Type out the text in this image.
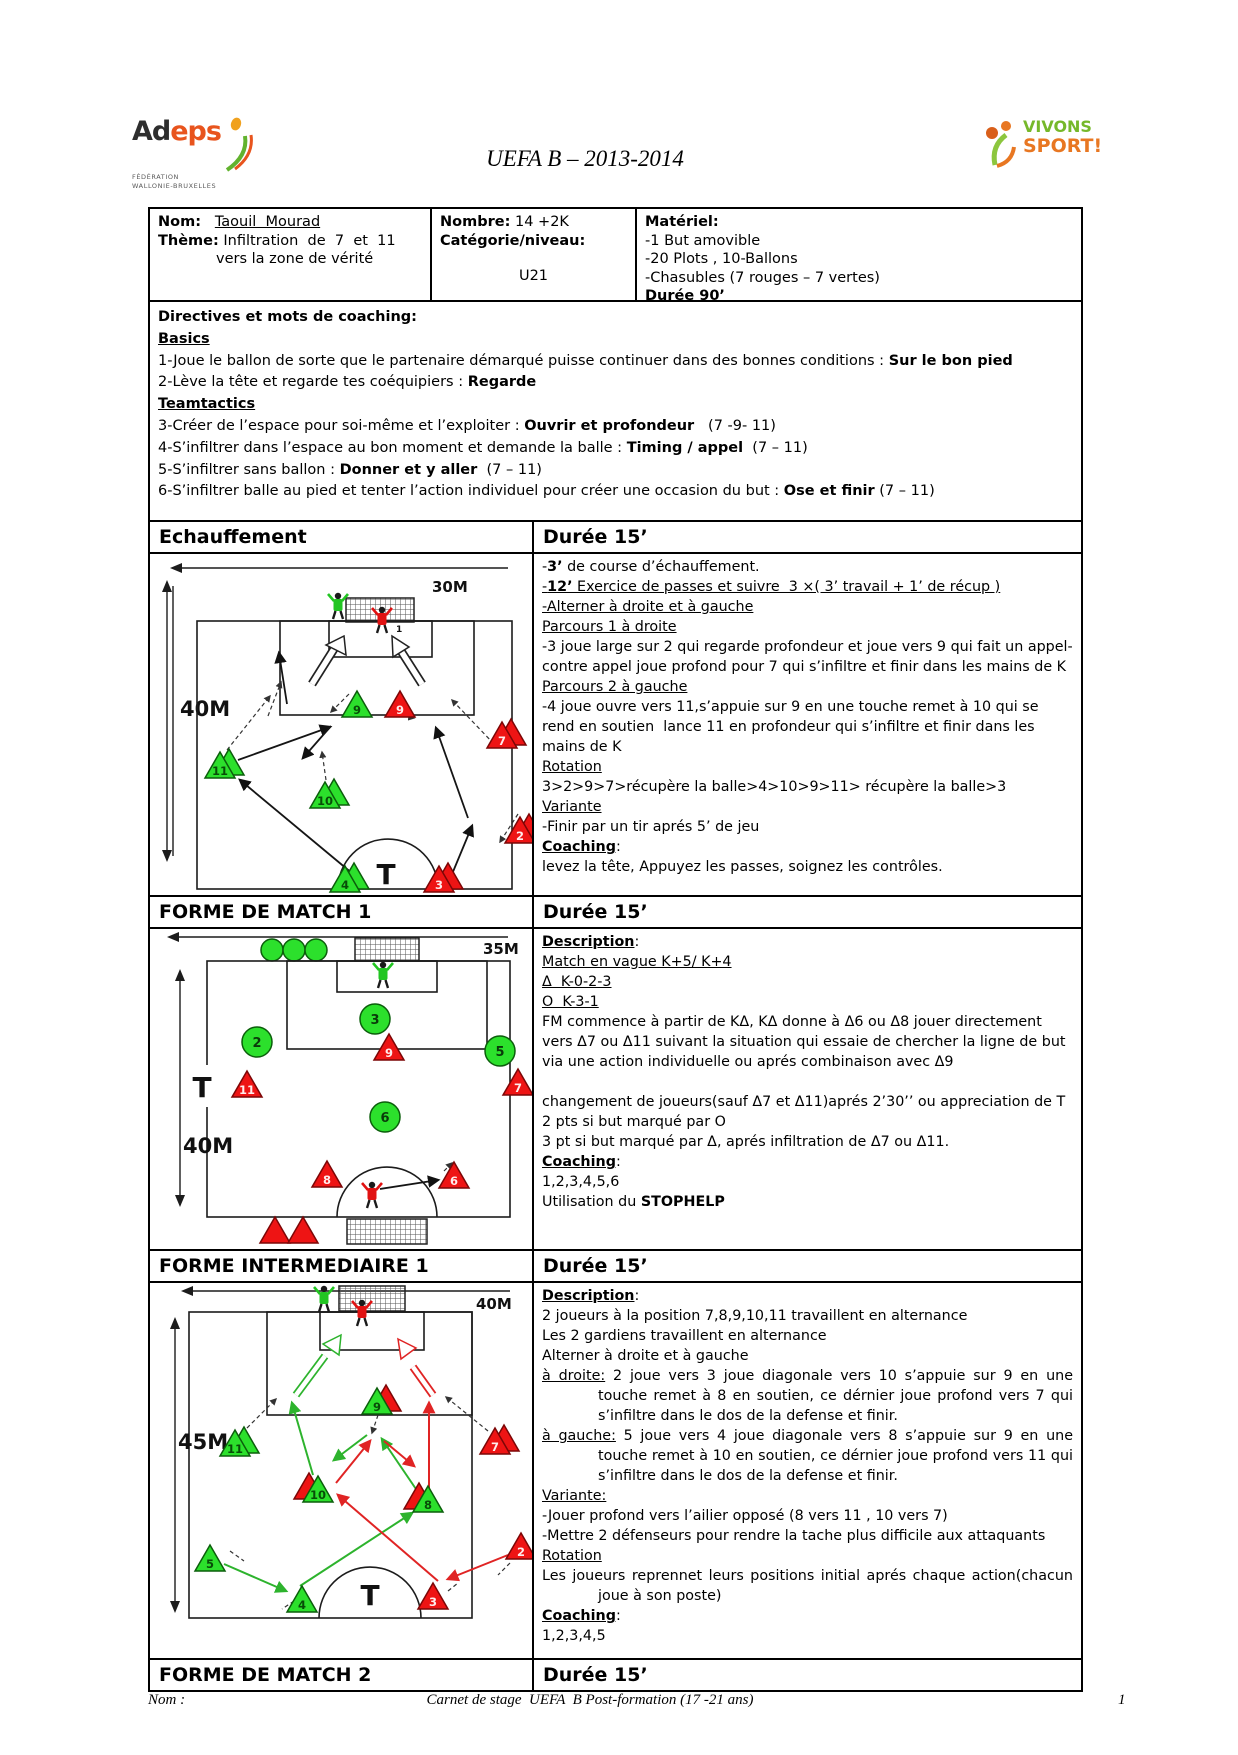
Ad eps
FÉDÉRATION
WALLONIE-BRUXELLES
UEFA B – 2013-2014
VIVONS
SPORT!
Nom: Taouil  Mourad
Thème: Infiltration  de  7  et  11
vers la zone de vérité
Nombre: 14 +2K
Catégorie/niveau:
U21
Matériel:
-1 But amovible
-20 Plots , 10-Ballons
-Chasubles (7 rouges – 7 vertes)
Durée 90’
Directives et mots de coaching:
Basics
1-Joue le ballon de sorte que le partenaire démarqué puisse continuer dans des bonnes conditions : Sur le bon pied
2-Lève la tête et regarde tes coéquipiers : Regarde
Teamtactics
3-Créer de l’espace pour soi-même et l’exploiter : Ouvrir et profondeur   (7 -9- 11)
4-S’infiltrer dans l’espace au bon moment et demande la balle : Timing / appel  (7 – 11)
5-S’infiltrer sans ballon : Donner et y aller  (7 – 11)
6-S’infiltrer balle au pied et tenter l’action individuel pour créer une occasion du but : Ose et finir (7 – 11)
Echauffement	Durée 15’
30M
40M
T
1
9	9
7
11
10
2
4	3
-3’ de course d’échauffement.
-12’ Exercice de passes et suivre  3 ×( 3’ travail + 1’ de récup )
-Alterner à droite et à gauche
Parcours 1 à droite
-3 joue large sur 2 qui regarde profondeur et joue vers 9 qui fait un appel-contre appel joue profond pour 7 qui s’infiltre et finir dans les mains de K
Parcours 2 à gauche
-4 joue ouvre vers 11,s’appuie sur 9 en une touche remet à 10 qui se rend en soutien  lance 11 en profondeur qui s’infiltre et finir dans les mains de K
Rotation
3>2>9>7>récupère la balle>4>10>9>11> récupère la balle>3
Variante
-Finir par un tir aprés 5’ de jeu
Coaching:
levez la tête, Appuyez les passes, soignez les contrôles.
FORME DE MATCH 1	Durée 15’
35M
40M
T
3
2
5
6
9
11	7
8	6
Description:
Match en vague K+5/ K+4
Δ  K-0-2-3
O  K-3-1
FM commence à partir de KΔ, KΔ donne à Δ6 ou Δ8 jouer directement vers Δ7 ou Δ11 suivant la situation qui essaie de chercher la ligne de but via une action individuelle ou aprés combinaison avec Δ9
changement de joueurs(sauf Δ7 et Δ11)aprés 2’30’’ ou appreciation de T
2 pts si but marqué par O
3 pt si but marqué par Δ, aprés infiltration de Δ7 ou Δ11.
Coaching:
1,2,3,4,5,6
Utilisation du STOPHELP
FORME INTERMEDIAIRE 1	Durée 15’
40M
45M
T
9
11	7
10
8
5
4	3
2
Description:
2 joueurs à la position 7,8,9,10,11 travaillent en alternance
Les 2 gardiens travaillent en alternance
Alterner à droite et à gauche
à droite: 2 joue vers 3 joue diagonale vers 10 s’appuie sur 9 en une touche remet à 8 en soutien, ce dérnier joue profond vers 7 qui s’infiltre dans le dos de la defense et finir.
à gauche: 5 joue vers 4 joue diagonale vers 8 s’appuie sur 9 en une touche remet à 10 en soutien, ce dérnier joue profond vers 11 qui s’infiltre dans le dos de la defense et finir.
Variante:
-Jouer profond vers l’ailier opposé (8 vers 11 , 10 vers 7)
-Mettre 2 défenseurs pour rendre la tache plus difficile aux attaquants
Rotation
Les joueurs reprennet leurs positions initial aprés chaque action(chacun joue à son poste)
Coaching:
1,2,3,4,5
FORME DE MATCH 2	Durée 15’
Nom :	Carnet de stage  UEFA  B Post-formation (17 -21 ans)	1
